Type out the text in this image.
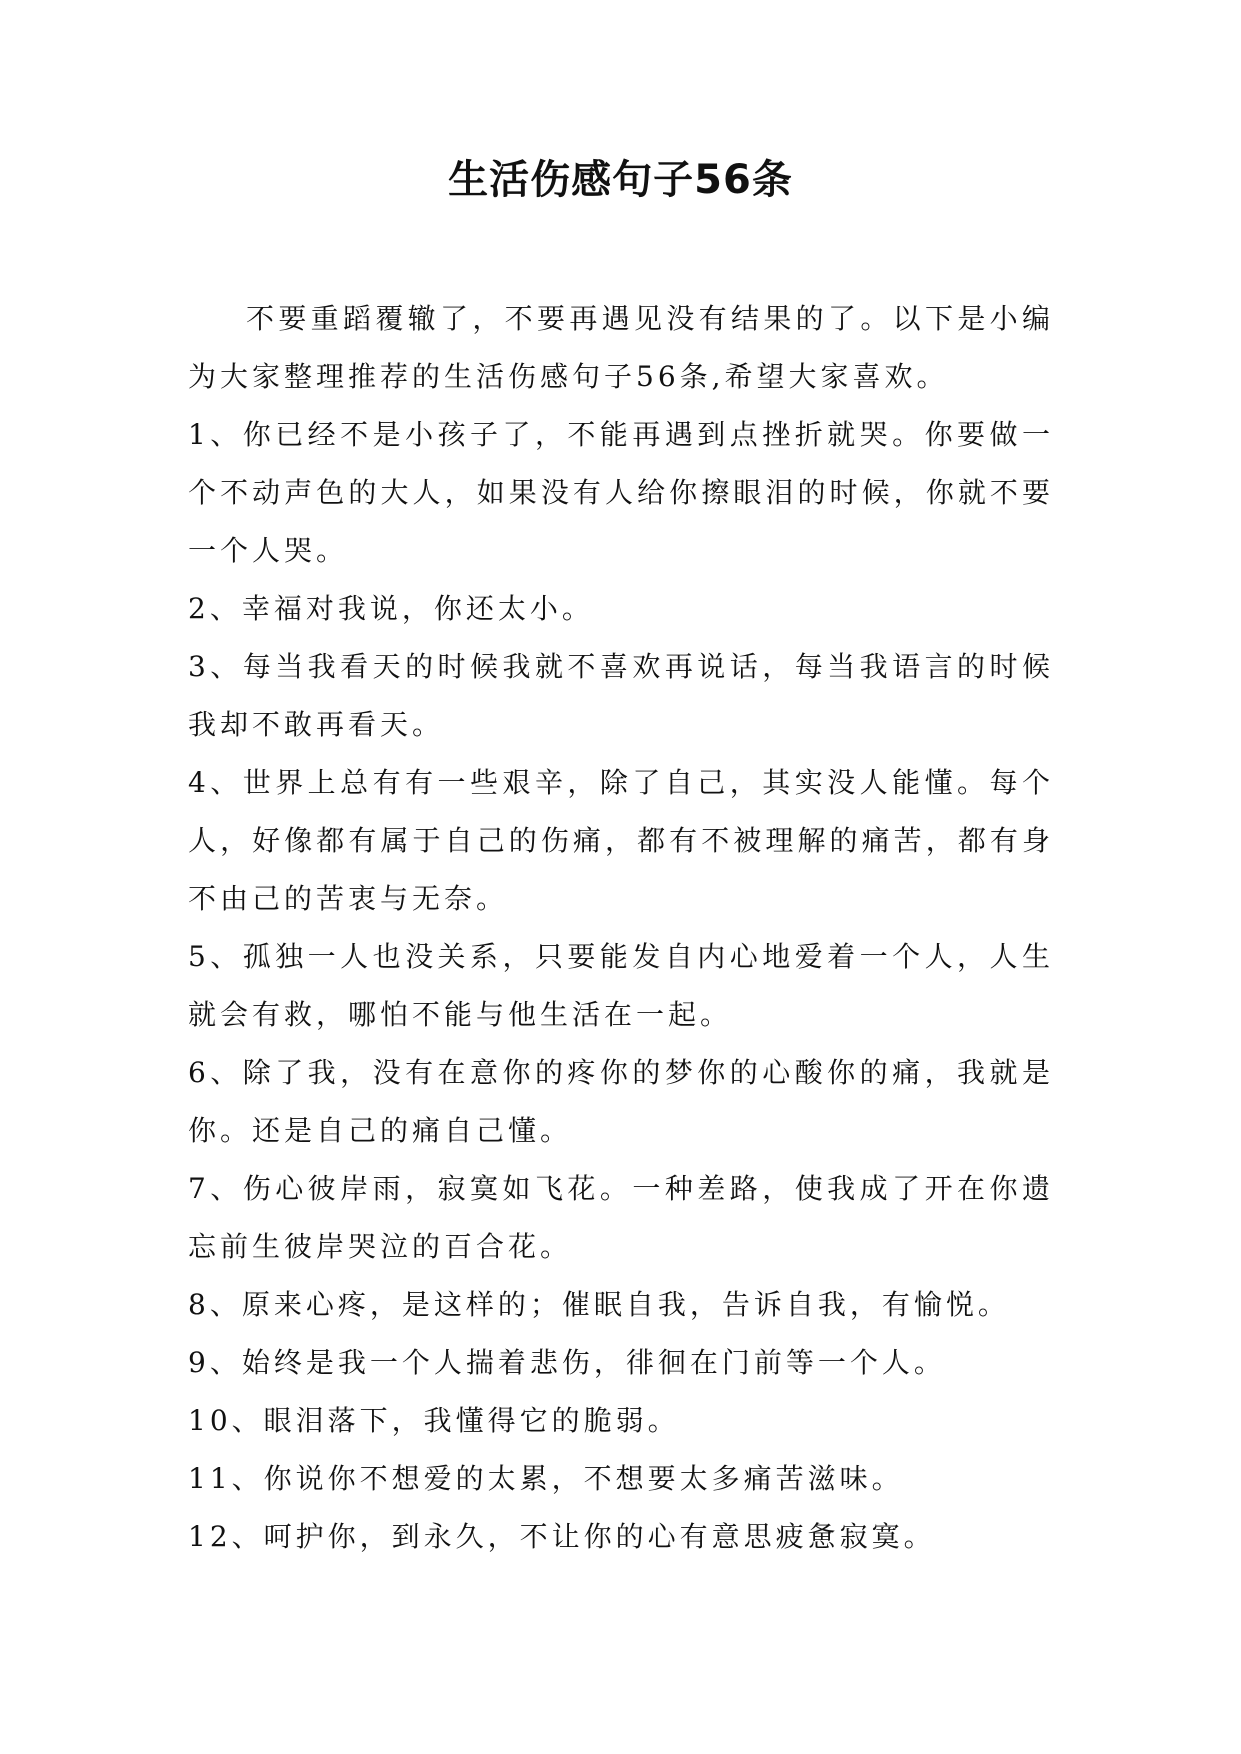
生活伤感句子56条

不要重蹈覆辙了，不要再遇见没有结果的了。以下是小编为大家整理推荐的生活伤感句子56条,希望大家喜欢。

1、你已经不是小孩子了，不能再遇到点挫折就哭。你要做一个不动声色的大人，如果没有人给你擦眼泪的时候，你就不要一个人哭。

2、幸福对我说，你还太小。

3、每当我看天的时候我就不喜欢再说话，每当我语言的时候我却不敢再看天。

4、世界上总有有一些艰辛，除了自己，其实没人能懂。每个人，好像都有属于自己的伤痛，都有不被理解的痛苦，都有身不由己的苦衷与无奈。

5、孤独一人也没关系，只要能发自内心地爱着一个人，人生就会有救，哪怕不能与他生活在一起。

6、除了我，没有在意你的疼你的梦你的心酸你的痛，我就是你。还是自己的痛自己懂。

7、伤心彼岸雨，寂寞如飞花。一种差路，使我成了开在你遗忘前生彼岸哭泣的百合花。

8、原来心疼，是这样的；催眠自我，告诉自我，有愉悦。

9、始终是我一个人揣着悲伤，徘徊在门前等一个人。

10、眼泪落下，我懂得它的脆弱。

11、你说你不想爱的太累，不想要太多痛苦滋味。

12、呵护你，到永久，不让你的心有意思疲惫寂寞。
